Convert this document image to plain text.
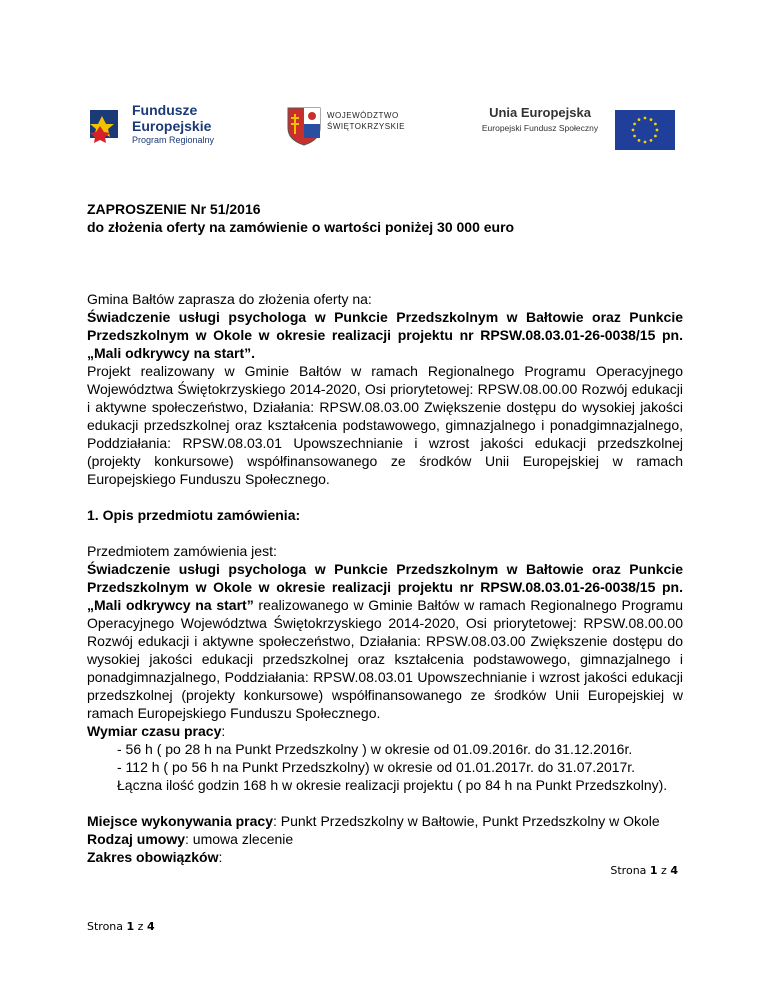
Fundusze
Europejskie
Program Regionalny
WOJEWÓDZTWO
ŚWIĘTOKRZYSKIE
Unia Europejska
Europejski Fundusz Społeczny

ZAPROSZENIE Nr 51/2016

do złożenia oferty na zamówienie o wartości poniżej 30 000 euro

Gmina Bałtów zaprasza do złożenia oferty na:

Świadczenie usługi psychologa w Punkcie Przedszkolnym w Bałtowie oraz Punkcie Przedszkolnym w Okole w okresie realizacji projektu nr RPSW.08.03.01-26-0038/15 pn. „Mali odkrywcy na start”.

Projekt realizowany w Gminie Bałtów w ramach Regionalnego Programu Operacyjnego Województwa Świętokrzyskiego 2014-2020, Osi priorytetowej: RPSW.08.00.00 Rozwój edukacji i aktywne społeczeństwo, Działania: RPSW.08.03.00 Zwiększenie dostępu do wysokiej jakości edukacji przedszkolnej oraz kształcenia podstawowego, gimnazjalnego i ponadgimnazjalnego, Poddziałania: RPSW.08.03.01 Upowszechnianie i wzrost jakości edukacji przedszkolnej (projekty konkursowe) współfinansowanego ze środków Unii Europejskiej w ramach Europejskiego Funduszu Społecznego.

1. Opis przedmiotu zamówienia:

Przedmiotem zamówienia jest:

Świadczenie usługi psychologa w Punkcie Przedszkolnym w Bałtowie oraz Punkcie Przedszkolnym w Okole w okresie realizacji projektu nr RPSW.08.03.01-26-0038/15 pn. „Mali odkrywcy na start” realizowanego w Gminie Bałtów w ramach Regionalnego Programu Operacyjnego Województwa Świętokrzyskiego 2014-2020, Osi priorytetowej: RPSW.08.00.00 Rozwój edukacji i aktywne społeczeństwo, Działania: RPSW.08.03.00 Zwiększenie dostępu do wysokiej jakości edukacji przedszkolnej oraz kształcenia podstawowego, gimnazjalnego i ponadgimnazjalnego, Poddziałania: RPSW.08.03.01 Upowszechnianie i wzrost jakości edukacji przedszkolnej (projekty konkursowe) współfinansowanego ze środków Unii Europejskiej w ramach Europejskiego Funduszu Społecznego.

Wymiar czasu pracy:

- 56 h ( po 28 h na Punkt Przedszkolny ) w okresie od 01.09.2016r. do 31.12.2016r.

- 112 h ( po 56 h na Punkt Przedszkolny) w okresie od 01.01.2017r. do 31.07.2017r.

Łączna ilość godzin 168 h w okresie realizacji projektu ( po 84 h na Punkt Przedszkolny).

Miejsce wykonywania pracy: Punkt Przedszkolny w Bałtowie, Punkt Przedszkolny w Okole

Rodzaj umowy: umowa zlecenie

Zakres obowiązków:

Strona 1 z 4
Strona 1 z 4
